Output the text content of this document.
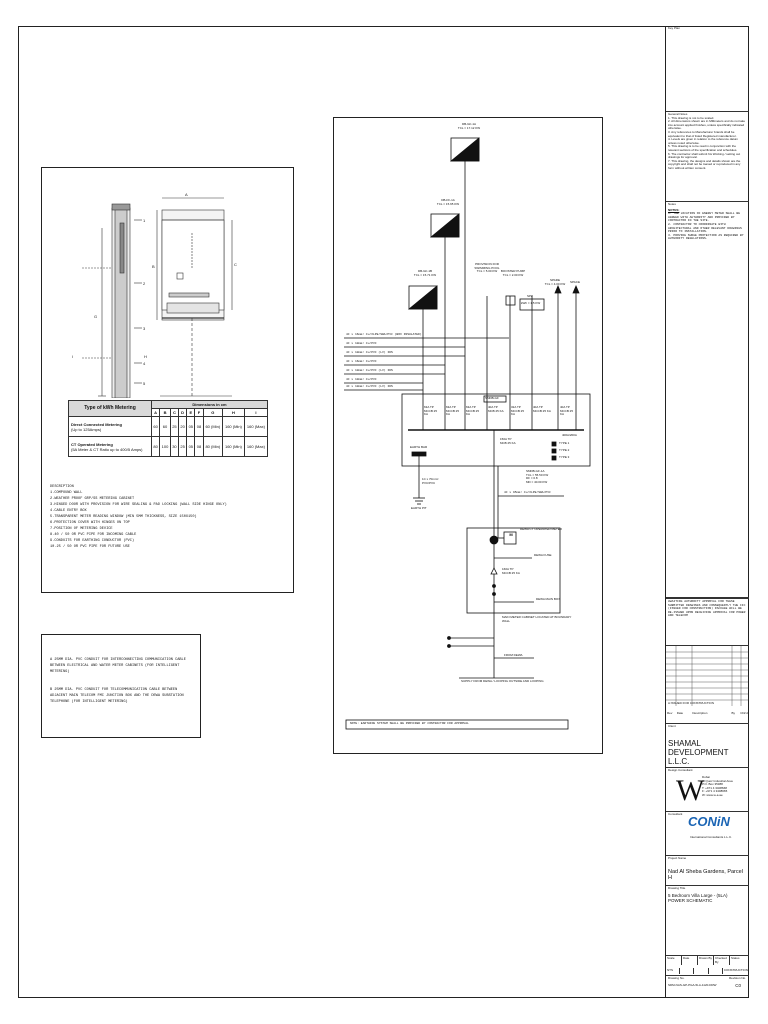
A
B	C
G
H
I
1
2
3
4
5
Type of kWh Metering	Dimensions in cm								
	A	B	C	D	E	F	G	H	I
Direct Connected Metering
(Up to 125Amps)	60	60	25	20	05	08	60 (Min)	160 (Min)	160 (Max)
CT Operated Metering
(5A Meter & CT Ratio up to 400/5 Amps)	80	100	30	25	05	08	80 (Min)	160 (Min)	160 (Max)
DESCRIPTION
1.COMPOUND WALL
2.WEATHER PROOF GRP/SS METERING CABINET
3.HINGED DOOR WITH PROVISION FOR WIRE SEALING & PAD LOCKING (WALL SIDE HINGE ONLY)
4.CABLE ENTRY BOX
5.TRANSPARENT METER READING WINDOW (MIN 5MM THICKNESS, SIZE 150X150)
6.PROTECTION COVER WITH HINGES ON TOP
7.POSITION OF METERING DEVICE
8.40 / 50 OR PVC PIPE FOR INCOMING CABLE
9.CONDUITS FOR EARTHING CONDUCTOR (PVC)
10.25 / 50 OR PVC PIPE FOR FUTURE USE
A 25MM DIA. PVC CONDUIT FOR INTERCONNECTING COMMUNICATION CABLE BETWEEN ELECTRICAL AND WATER METER CABINETS (FOR INTELLIGENT METERING)
B 25MM DIA. PVC CONDUIT FOR TELECOMMUNICATION CABLE BETWEEN ADJACENT MAIN TELECOM FMC JUNCTION BOX AND THE DEWA SUBSTATION TELEPHONE (FOR INTELLIGENT METERING)
DB-GF-1A
TCL = 17.12 KW
DB-FF-1A
TCL = 15.65 KW
DB-GF-1B
TCL = 15.71 KW
PROVISION FOR SWIMMING POOL
TCL = 5.00 KW	BOOSTER PUMP
TCL = 2.00 KW
SPARE
TCL = 4.00 KW	SPACE
SPP
kWh = 1.5 KW
4C x 16mm² Cu/XLPE/SWA/PVC (BOX INSULATED)
4C x 10mm² Cu/PVC
4C x 10mm² Cu/PVC (LV) IDS
4C x 16mm² Cu/PVC
4C x 10mm² Cu/PVC (LV) IDS
4C x 10mm² Cu/PVC
4C x 10mm² Cu/PVC (LV) IDS
SMDB-GF
63A TP MCCB 25 KA
63A TP MCCB 25 KA
63A TP MCCB 25 KA
40A TP MCB 25 KA
32A TP MCCB 25 KA
40A TP MCCB 25 KA
40A TP MCCB 25 KA
150A TP MCB 25 KA
400A/200A
EARTH BAR
1C x 70mm² PVC/PVC
EARTH PIT
TYPE 1
TYPE 2
TYPE 3
SMDB-GF-1A
TCL = 55.50 KW
DF = 0.8
MD = 40.00 KW
4C x 95mm² Cu/XLPE/SWA/PVC
M
DEWA CT OPERATED METER
160A TP MCCB 25 KA
DEWA FUSE
DEWA MAIN BOX
MAIN METER CABINET LOCATED AT BOUNDARY WALL
FROM DEWA
SUPPLY FROM DEWA / LOOPING OUTSIDE AND LOOPING
NOTE: EARTHING SYSTEM SHALL BE PROVIDED BY CONTRACTOR FOR APPROVAL
Key Plan
General Notes
1. This drawing is not to be scaled.
2. All dimensions shown are in Millimeters and do not take into account applied finishes, unless specifically indicated otherwise.
3. Any references to Manufacturer brands shall be equivalent to that of listed Registered manufacturer.
4. Levels are given in relation to the reference datum unless noted otherwise.
5. This drawing is to be read in conjunction with the relevant sections of the specification and schedules.
6. The contractor shall submit his Working / setting out drawings for approval.
7. This drawing, the designs and details shown are the copyright and shall not be loaned or reproduced in any form without written consent.
Notes
NOTES:
1. THE LOCATION OF ENERGY METER SHALL BE AGREED WITH AUTHORITY AND PROVIDED BY CONTRACTOR IN THE SITE.
2. CONTRACTOR TO COORDINATE WITH ARCHITECTURAL AND OTHER RELEVANT DRAWINGS PRIOR TO INSTALLATION.
3. PROVIDE SURGE PROTECTION AS REQUIRED BY AUTHORITY REGULATIONS.
AWAITING AUTHORITY APPROVAL FOR THESE SUBMITTED DRAWINGS AND CONSEQUENTLY THE IFC (ISSUED FOR CONSTRUCTION) PACKAGE WILL BE RE-ISSUED UPON RECEIVING APPROVAL FOR POWER AND TELECOM
A ISSUED FOR CONSTRUCTION
Rev	Date	Description	By	Chk'd
Client
SHAMAL DEVELOPMENT L.L.C.
Design Consultant
W
Dubai
Al Quoz Industrial Area
P.O. Box 35388
T: +971 4 3408668
F: +971 4 3408665
W: www.w-a.ae
Consultant CONiN
International Consultants L.L.C.
Project Name
Nad Al Sheba Gardens, Parcel H
Drawing Title
5 Bedroom Villa Large - (5LA)
POWER SCHEMATIC
Scale	Date	Drawn By Checked By
Status
NTS	CONSTRUCTION
Drawing No.
SDM-NAS-GP-PGA-5LA-1120-DRW
Revision No.
C0
